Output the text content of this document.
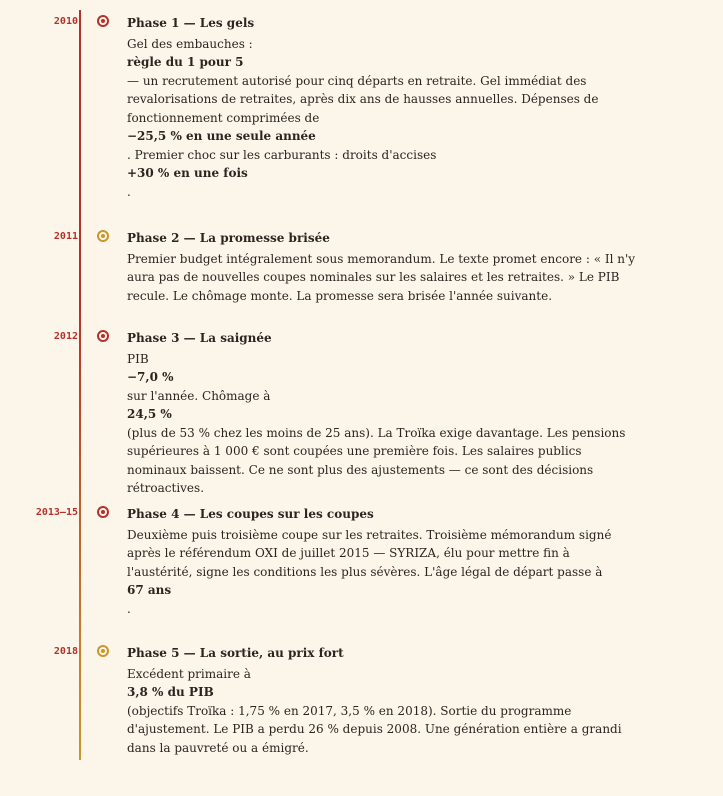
2010	Phase 1 — Les gels

Gel des embauches :

règle du 1 pour 5

— un recrutement autorisé pour cinq départs en retraite. Gel immédiat des revalorisations de retraites, après dix ans de hausses annuelles. Dépenses de fonctionnement comprimées de

−25,5 % en une seule année

. Premier choc sur les carburants : droits d'accises

+30 % en une fois

.

2011	Phase 2 — La promesse brisée

Premier budget intégralement sous memorandum. Le texte promet encore : « Il n'y aura pas de nouvelles coupes nominales sur les salaires et les retraites. » Le PIB recule. Le chômage monte. La promesse sera brisée l'année suivante.

2012	Phase 3 — La saignée

PIB

−7,0 %

sur l'année. Chômage à

24,5 %

(plus de 53 % chez les moins de 25 ans). La Troïka exige davantage. Les pensions supérieures à 1 000 € sont coupées une première fois. Les salaires publics nominaux baissent. Ce ne sont plus des ajustements — ce sont des décisions rétroactives.

2013–15	Phase 4 — Les coupes sur les coupes

Deuxième puis troisième coupe sur les retraites. Troisième mémorandum signé après le référendum OXI de juillet 2015 — SYRIZA, élu pour mettre fin à l'austérité, signe les conditions les plus sévères. L'âge légal de départ passe à

67 ans

.

2018	Phase 5 — La sortie, au prix fort

Excédent primaire à

3,8 % du PIB

(objectifs Troïka : 1,75 % en 2017, 3,5 % en 2018). Sortie du programme d'ajustement. Le PIB a perdu 26 % depuis 2008. Une génération entière a grandi dans la pauvreté ou a émigré.
